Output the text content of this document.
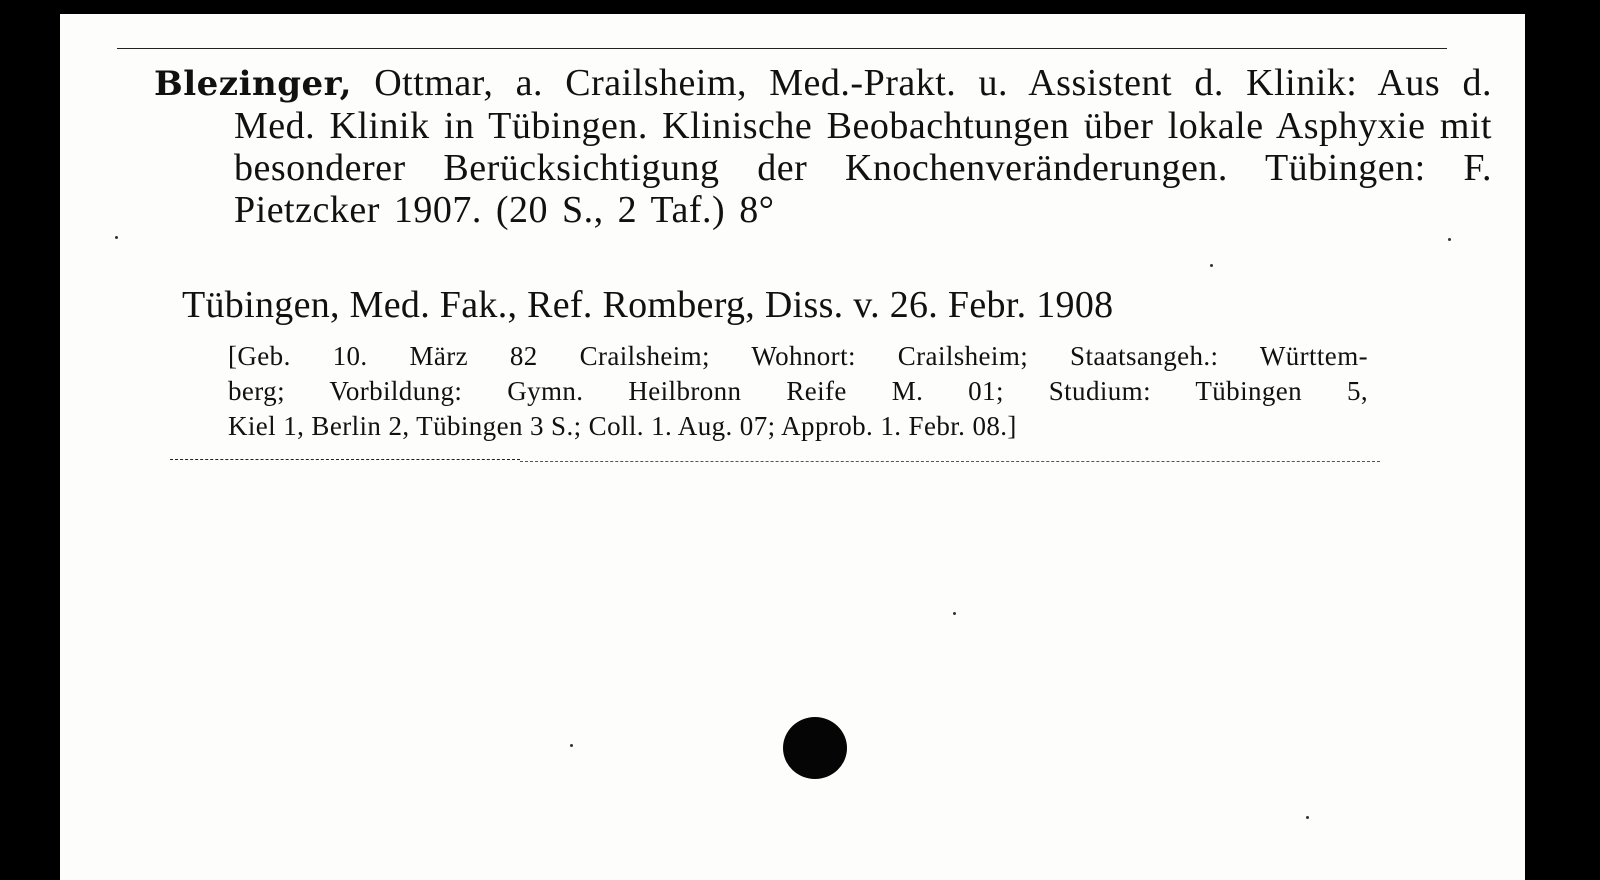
Blezinger, Ottmar, a. Crailsheim, Med.-Prakt. u. Assistent d. Klinik: Aus d. Med. Klinik in Tübingen. Klinische Beobachtungen über lokale Asphyxie mit besonderer Berücksichtigung der Knochenveränderungen. Tübingen: F. Pietzcker 1907. (20 S., 2 Taf.) 8°
Tübingen, Med. Fak., Ref. Romberg, Diss. v. 26. Febr. 1908
[Geb. 10. März 82 Crailsheim; Wohnort: Crailsheim; Staatsangeh.: Württem-
berg; Vorbildung: Gymn. Heilbronn Reife M. 01; Studium: Tübingen 5,
Kiel 1, Berlin 2, Tübingen 3 S.; Coll. 1. Aug. 07; Approb. 1. Febr. 08.]
